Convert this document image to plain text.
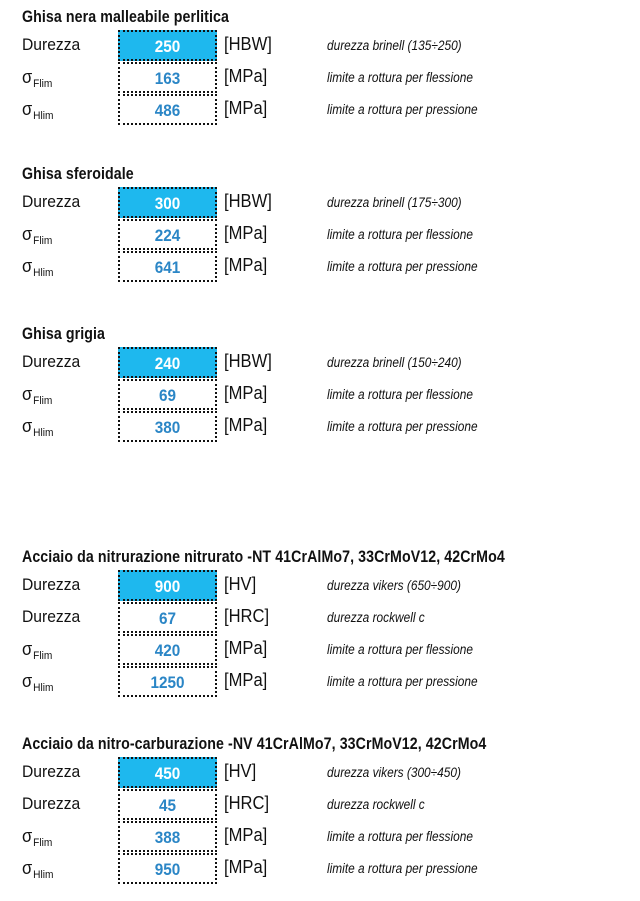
Ghisa nera malleabile perlitica
Durezza	250	[HBW]	durezza brinell (135÷250)
$\sigma_{Flim}$	163	[MPa]	limite a rottura per flessione
$\sigma_{Hlim}$	486	[MPa]	limite a rottura per pressione
Ghisa sferoidale
Durezza	300	[HBW]	durezza brinell (175÷300)
$\sigma_{Flim}$	224	[MPa]	limite a rottura per flessione
$\sigma_{Hlim}$	641	[MPa]	limite a rottura per pressione
Ghisa grigia
Durezza	240	[HBW]	durezza brinell (150÷240)
$\sigma_{Flim}$	69	[MPa]	limite a rottura per flessione
$\sigma_{Hlim}$	380	[MPa]	limite a rottura per pressione
Acciaio da nitrurazione nitrurato -NT 41CrAlMo7, 33CrMoV12, 42CrMo4
Durezza	900	[HV]	durezza vikers (650÷900)
Durezza	67	[HRC]	durezza rockwell c
$\sigma_{Flim}$	420	[MPa]	limite a rottura per flessione
$\sigma_{Hlim}$	1250	[MPa]	limite a rottura per pressione
Acciaio da nitro-carburazione -NV 41CrAlMo7, 33CrMoV12, 42CrMo4
Durezza	450	[HV]	durezza vikers (300÷450)
Durezza	45	[HRC]	durezza rockwell c
$\sigma_{Flim}$	388	[MPa]	limite a rottura per flessione
$\sigma_{Hlim}$	950	[MPa]	limite a rottura per pressione
